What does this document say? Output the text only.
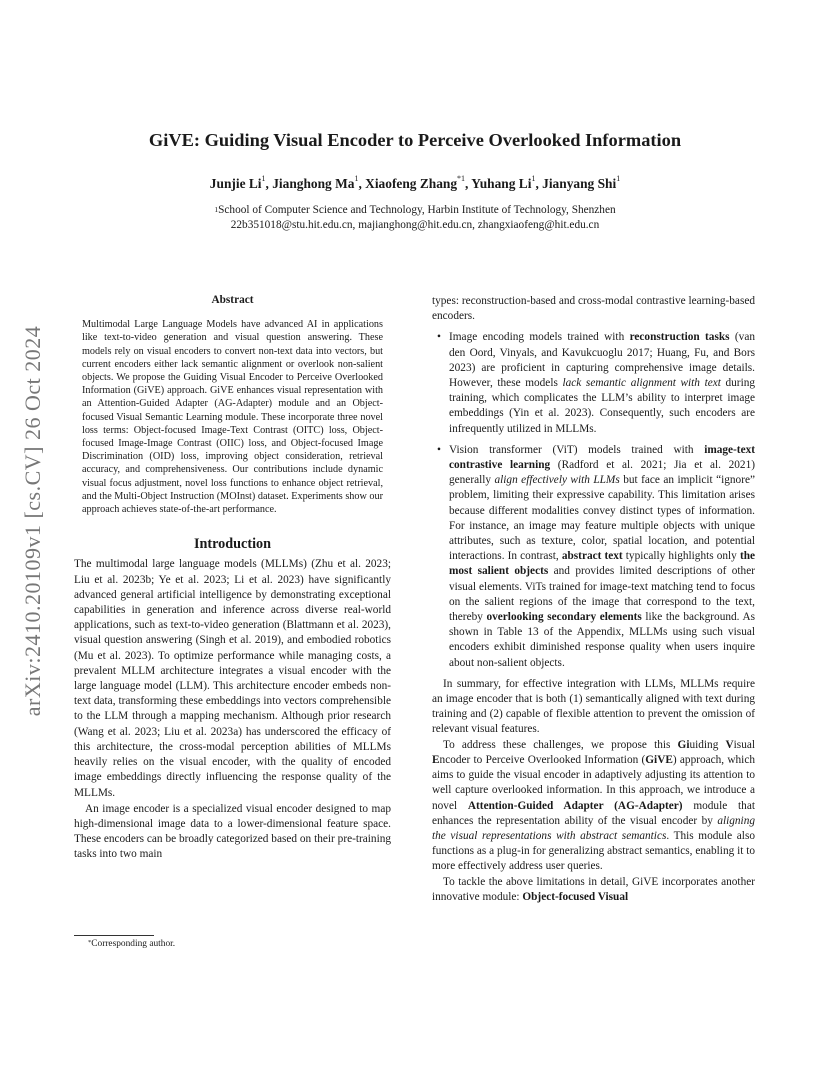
arXiv:2410.20109v1 [cs.CV] 26 Oct 2024
GiVE: Guiding Visual Encoder to Perceive Overlooked Information
Junjie Li$^1$, Jianghong Ma$^1$, Xiaofeng Zhang$^{*1}$, Yuhang Li$^1$, Jianyang Shi$^1$
$^1$School of Computer Science and Technology, Harbin Institute of Technology, Shenzhen
22b351018@stu.hit.edu.cn, majianghong@hit.edu.cn, zhangxiaofeng@hit.edu.cn
Abstract

Multimodal Large Language Models have advanced AI in applications like text-to-video generation and visual question answering. These models rely on visual encoders to convert non-text data into vectors, but current encoders either lack semantic alignment or overlook non-salient objects. We propose the Guiding Visual Encoder to Perceive Overlooked Information (GiVE) approach. GiVE enhances visual representation with an Attention-Guided Adapter (AG-Adapter) module and an Object-focused Visual Semantic Learning module. These incorporate three novel loss terms: Object-focused Image-Text Contrast (OITC) loss, Object-focused Image-Image Contrast (OIIC) loss, and Object-focused Image Discrimination (OID) loss, improving object consideration, retrieval accuracy, and comprehensiveness. Our contributions include dynamic visual focus adjustment, novel loss functions to enhance object retrieval, and the Multi-Object Instruction (MOInst) dataset. Experiments show our approach achieves state-of-the-art performance.

Introduction

The multimodal large language models (MLLMs) (Zhu et al. 2023; Liu et al. 2023b; Ye et al. 2023; Li et al. 2023) have significantly advanced general artificial intelligence by demonstrating exceptional capabilities in generation and inference across diverse real-world applications, such as text-to-video generation (Blattmann et al. 2023), visual question answering (Singh et al. 2019), and embodied robotics (Mu et al. 2023). To optimize performance while managing costs, a prevalent MLLM architecture integrates a visual encoder with the large language model (LLM). This architecture encoder embeds non-text data, transforming these embeddings into vectors comprehensible to the LLM through a mapping mechanism. Although prior research (Wang et al. 2023; Liu et al. 2023a) has underscored the efficacy of this architecture, the cross-modal perception abilities of MLLMs heavily relies on the visual encoder, with the quality of encoded image embeddings directly influencing the response quality of the MLLMs.

An image encoder is a specialized visual encoder designed to map high-dimensional image data to a lower-dimensional feature space. These encoders can be broadly categorized based on their pre-training tasks into two main

types: reconstruction-based and cross-modal contrastive learning-based encoders.

• Image encoding models trained with reconstruction tasks (van den Oord, Vinyals, and Kavukcuoglu 2017; Huang, Fu, and Bors 2023) are proficient in capturing comprehensive image details. However, these models lack semantic alignment with text during training, which complicates the LLM’s ability to interpret image embeddings (Yin et al. 2023). Consequently, such encoders are infrequently utilized in MLLMs.
• Vision transformer (ViT) models trained with image-text contrastive learning (Radford et al. 2021; Jia et al. 2021) generally align effectively with LLMs but face an implicit “ignore” problem, limiting their expressive capability. This limitation arises because different modalities convey distinct types of information. For instance, an image may feature multiple objects with unique attributes, such as texture, color, spatial location, and potential interactions. In contrast, abstract text typically highlights only the most salient objects and provides limited descriptions of other visual elements. ViTs trained for image-text matching tend to focus on the salient regions of the image that correspond to the text, thereby overlooking secondary elements like the background. As shown in Table 13 of the Appendix, MLLMs using such visual encoders exhibit diminished response quality when users inquire about non-salient objects.

In summary, for effective integration with LLMs, MLLMs require an image encoder that is both (1) semantically aligned with text during training and (2) capable of flexible attention to prevent the omission of relevant visual features.

To address these challenges, we propose this Giuiding Visual Encoder to Perceive Overlooked Information (GiVE) approach, which aims to guide the visual encoder in adaptively adjusting its attention to well capture overlooked information. In this approach, we introduce a novel Attention-Guided Adapter (AG-Adapter) module that enhances the representation ability of the visual encoder by aligning the visual representations with abstract semantics. This module also functions as a plug-in for generalizing abstract semantics, enabling it to more effectively address user queries.

To tackle the above limitations in detail, GiVE incorporates another innovative module: Object-focused Visual

*Corresponding author.
